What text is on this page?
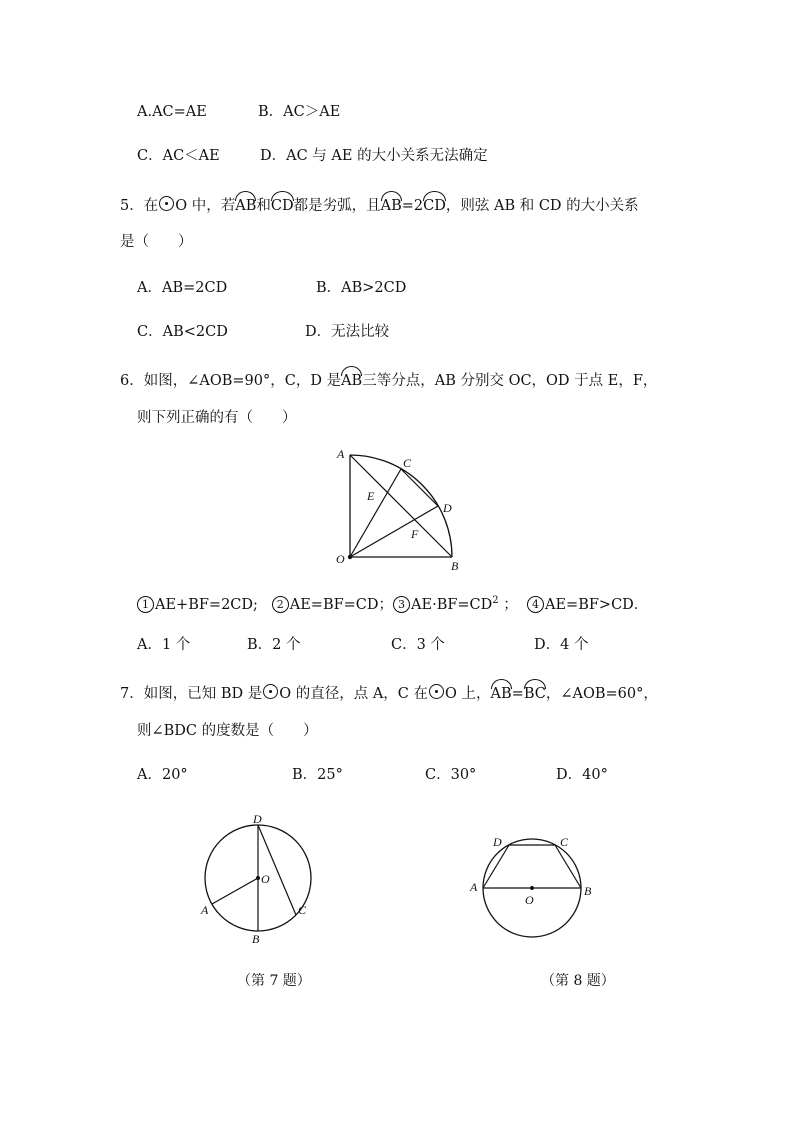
A.AC=AE	B．AC＞AE
C．AC＜AE	D．AC 与 AE 的大小关系无法确定
5．在 O 中，若AB和CD都是劣弧，且AB=2CD，则弦 AB 和 CD 的大小关系
是（　　）
A．AB=2CD	B．AB>2CD
C．AB<2CD	D．无法比较
6．如图，∠AOB=90°，C，D 是AB三等分点，AB 分别交 OC，OD 于点 E，F，
则下列正确的有（　　）
A
C
E
D
F
O	B
1 AE+BF=2CD; 2 AE=BF=CD； 3 $AE\cdot BF=CD^2$ ； 4 AE=BF>CD．
A．1 个	B．2 个	C．3 个	D．4 个
7．如图，已知 BD 是 O 的直径，点 A，C 在 O 上，AB=BC，∠AOB=60°，
则∠BDC 的度数是（　　）
A．20°	B．25°	C．30°	D．40°
D
O
A	C
B
D	C
A	B
O
（第 7 题）	（第 8 题）
